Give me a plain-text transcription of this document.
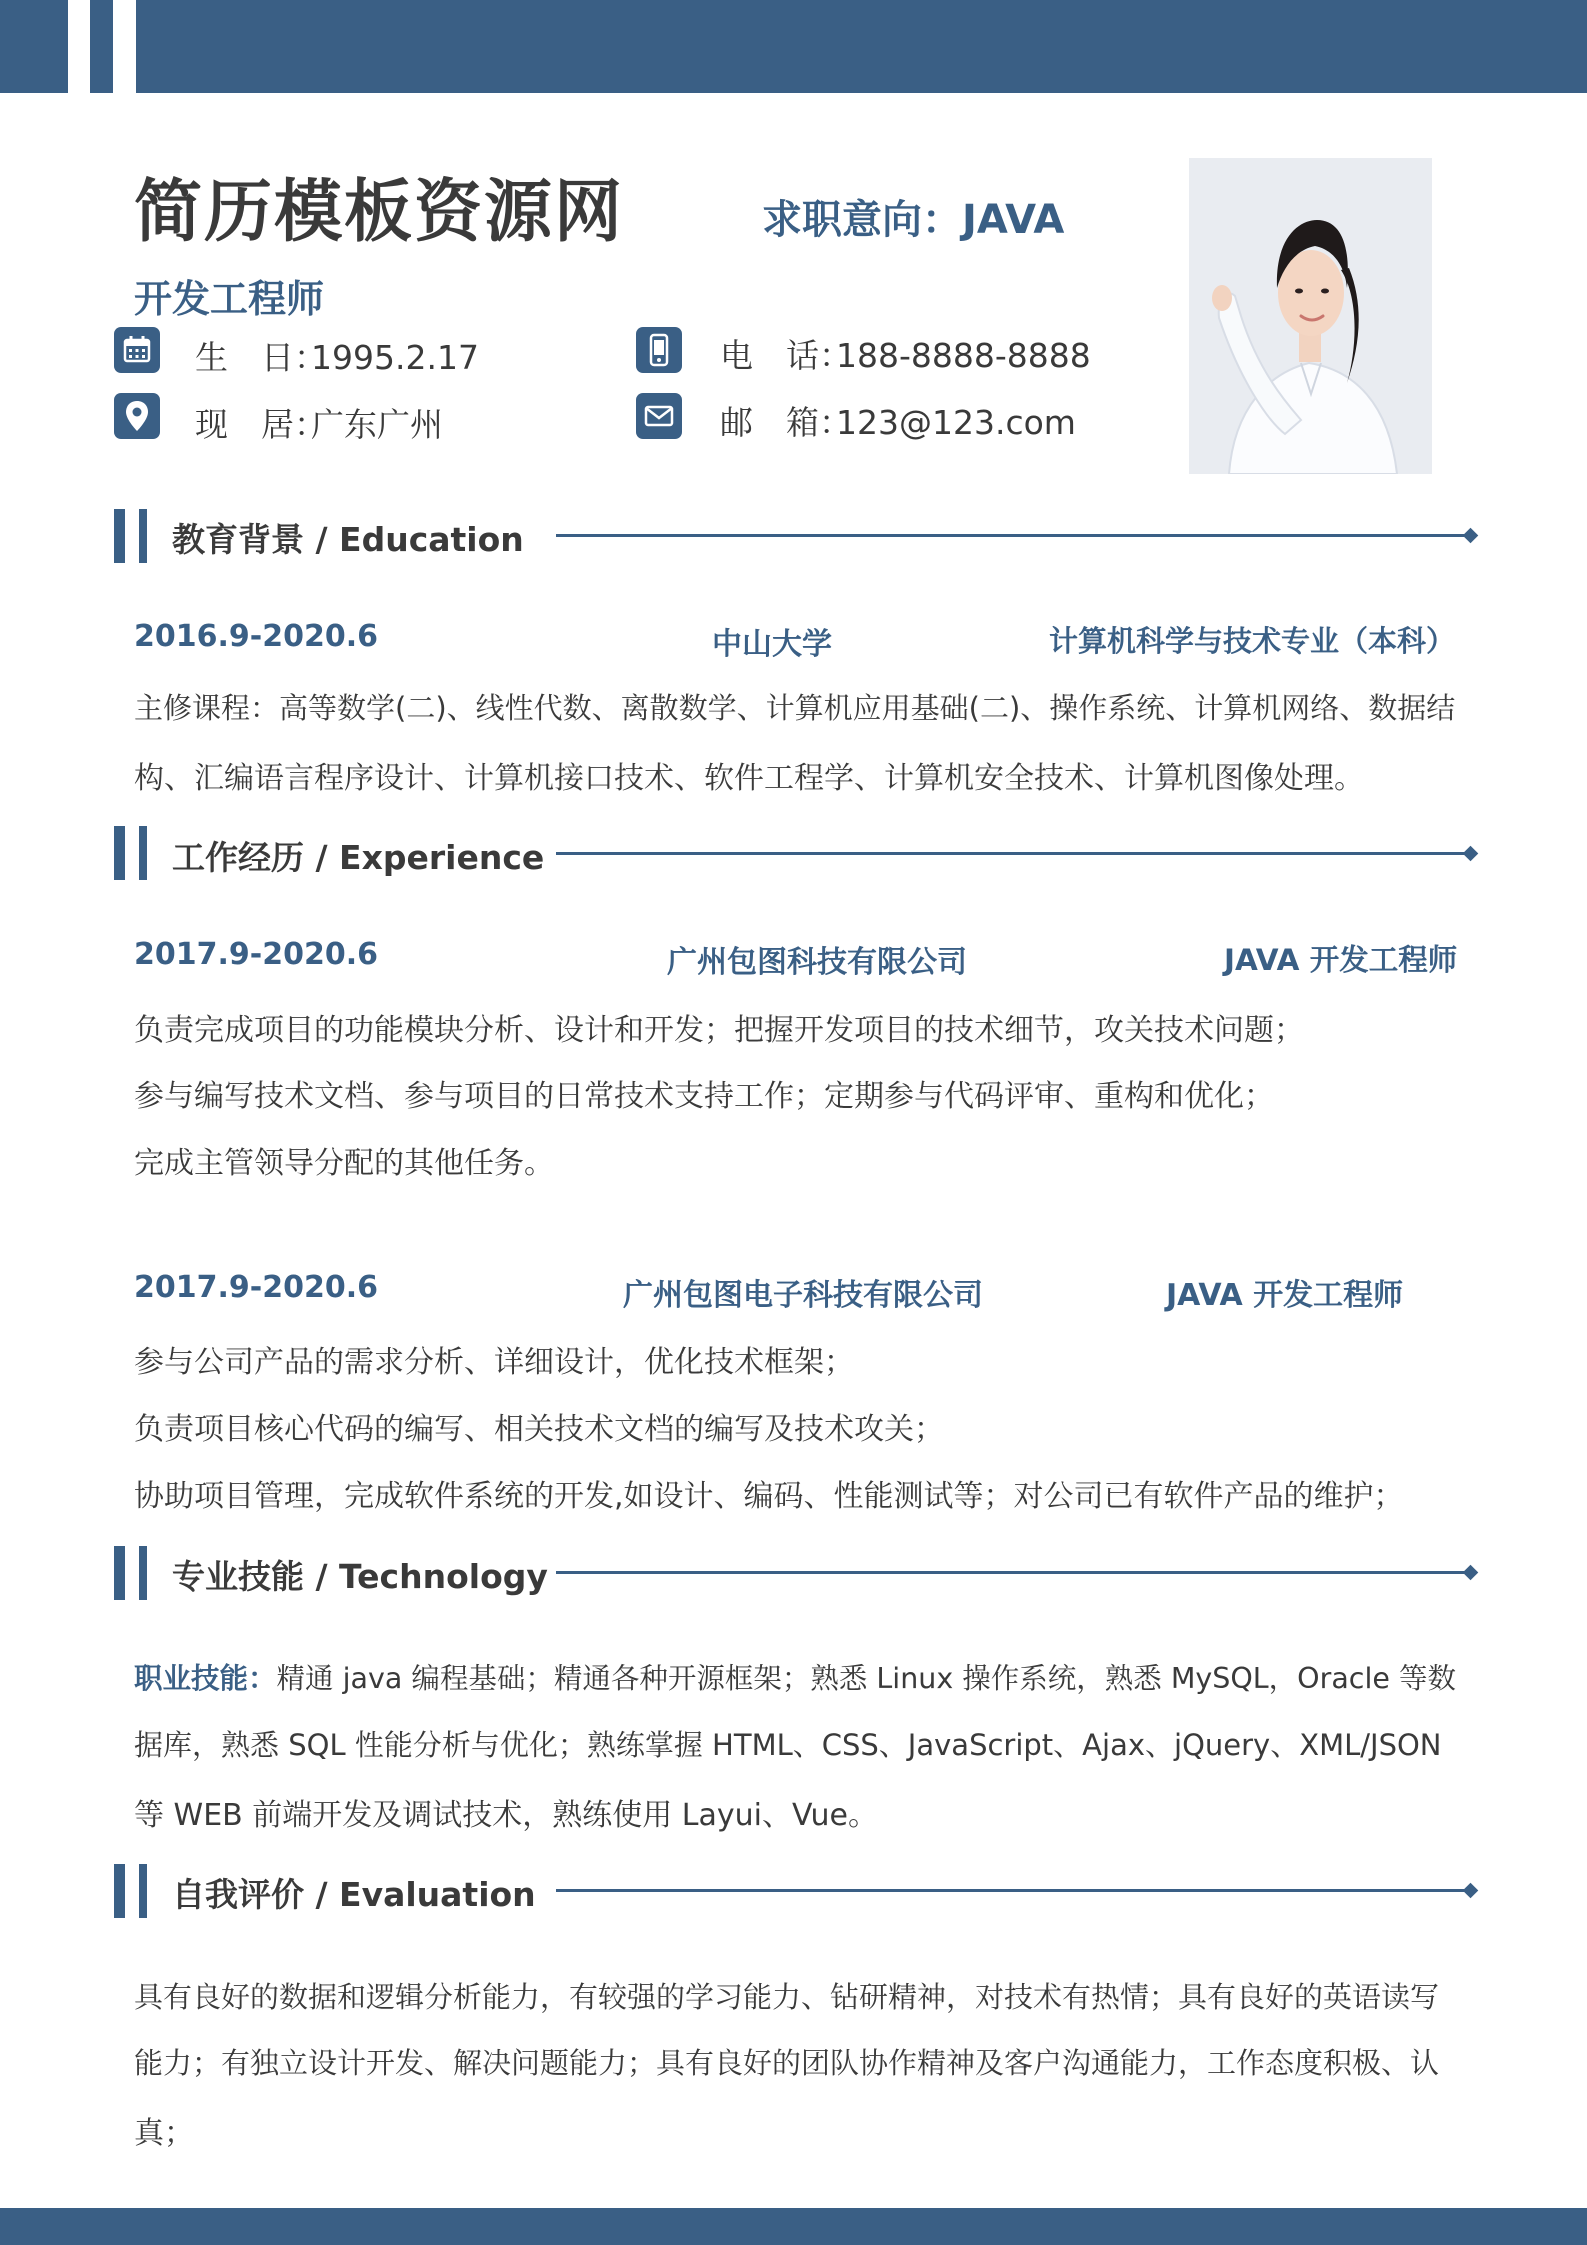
简历模板资源网	求职意向：JAVA
开发工程师
生　日：1995.2.17	电　话：188-8888-8888
现　居：广东广州	邮　箱：123@123.com
教育背景 / Education
2016.9-2020.6	中山大学	计算机科学与技术专业（本科）
主修课程：高等数学(二)、线性代数、离散数学、计算机应用基础(二)、操作系统、计算机网络、数据结
构、汇编语言程序设计、计算机接口技术、软件工程学、计算机安全技术、计算机图像处理。
工作经历 / Experience
2017.9-2020.6	广州包图科技有限公司	JAVA 开发工程师
负责完成项目的功能模块分析、设计和开发；把握开发项目的技术细节，攻关技术问题；
参与编写技术文档、参与项目的日常技术支持工作；定期参与代码评审、重构和优化；
完成主管领导分配的其他任务。
2017.9-2020.6	广州包图电子科技有限公司	JAVA 开发工程师
参与公司产品的需求分析、详细设计，优化技术框架；
负责项目核心代码的编写、相关技术文档的编写及技术攻关；
协助项目管理，完成软件系统的开发,如设计、编码、性能测试等；对公司已有软件产品的维护；
专业技能 / Technology
职业技能：精通 java 编程基础；精通各种开源框架；熟悉 Linux 操作系统，熟悉 MySQL，Oracle 等数
据库，熟悉 SQL 性能分析与优化；熟练掌握 HTML、CSS、JavaScript、Ajax、jQuery、XML/JSON
等 WEB 前端开发及调试技术，熟练使用 Layui、Vue。
自我评价 / Evaluation
具有良好的数据和逻辑分析能力，有较强的学习能力、钻研精神，对技术有热情；具有良好的英语读写
能力；有独立设计开发、解决问题能力；具有良好的团队协作精神及客户沟通能力，工作态度积极、认
真；
